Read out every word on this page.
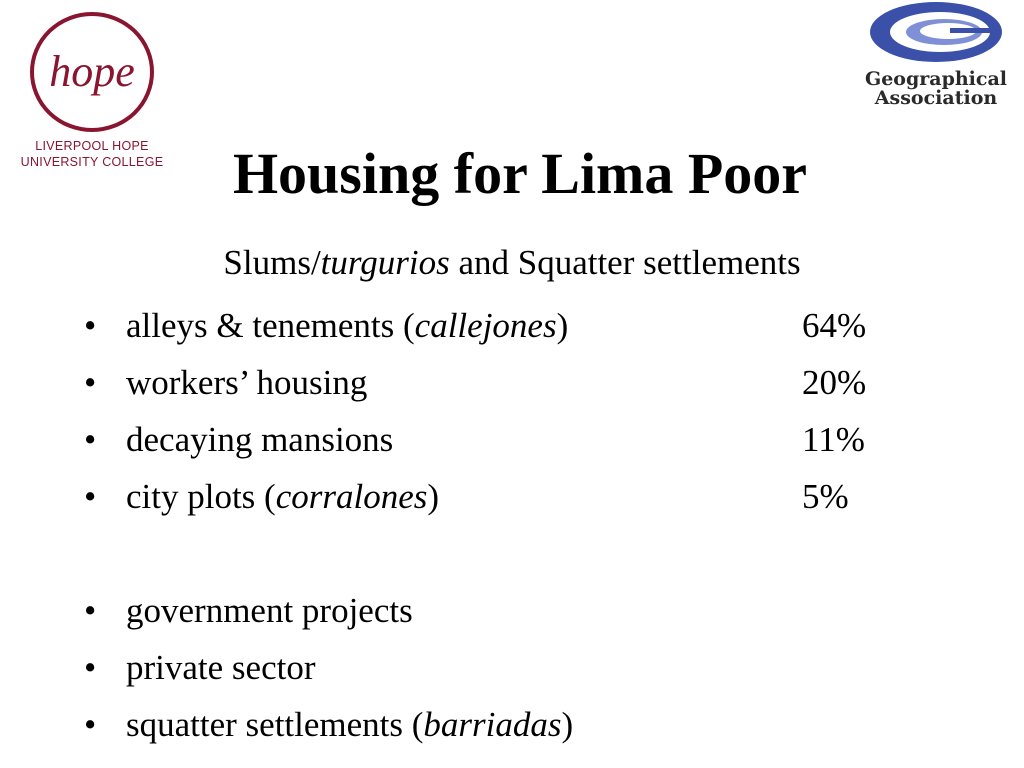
hope
LIVERPOOL HOPE
UNIVERSITY COLLEGE
Geographical
Association
Housing for Lima Poor
Slums/turgurios and Squatter settlements
• alleys & tenements (callejones)	64%
• workers’ housing	20%
• decaying mansions	11%
• city plots (corralones)	5%
• government projects
• private sector
• squatter settlements (barriadas)
